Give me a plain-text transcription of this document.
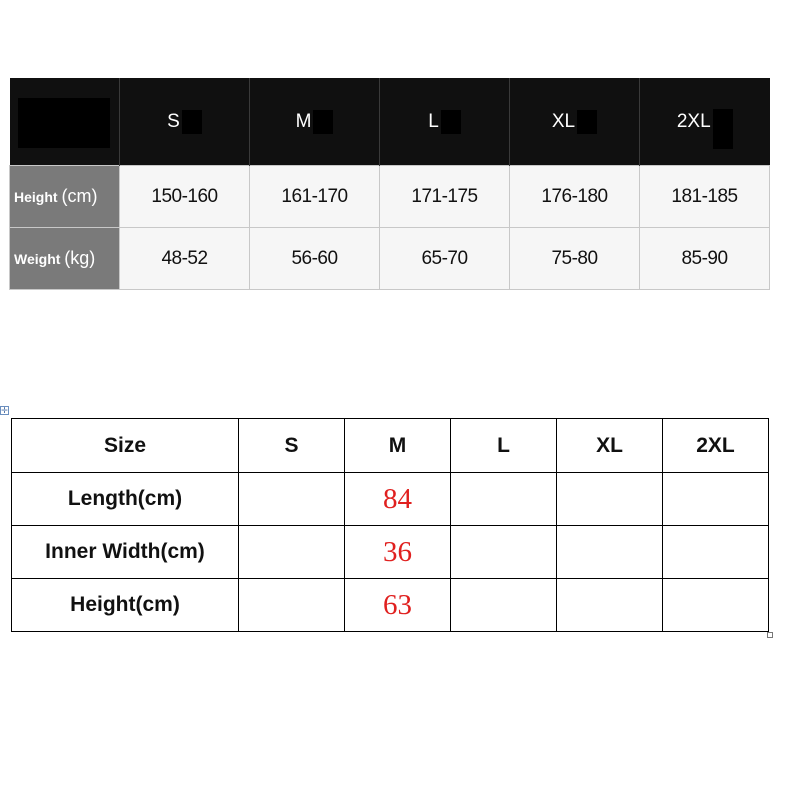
	S	M	L	XL	2XL

Height (cm)	150-160	161-170	171-175	176-180	181-185
Weight (kg)	48-52	56-60	65-70	75-80	85-90
✛
Size	S	M	L	XL	2XL
Length(cm)		84			
Inner Width(cm)		36			
Height(cm)		63			
